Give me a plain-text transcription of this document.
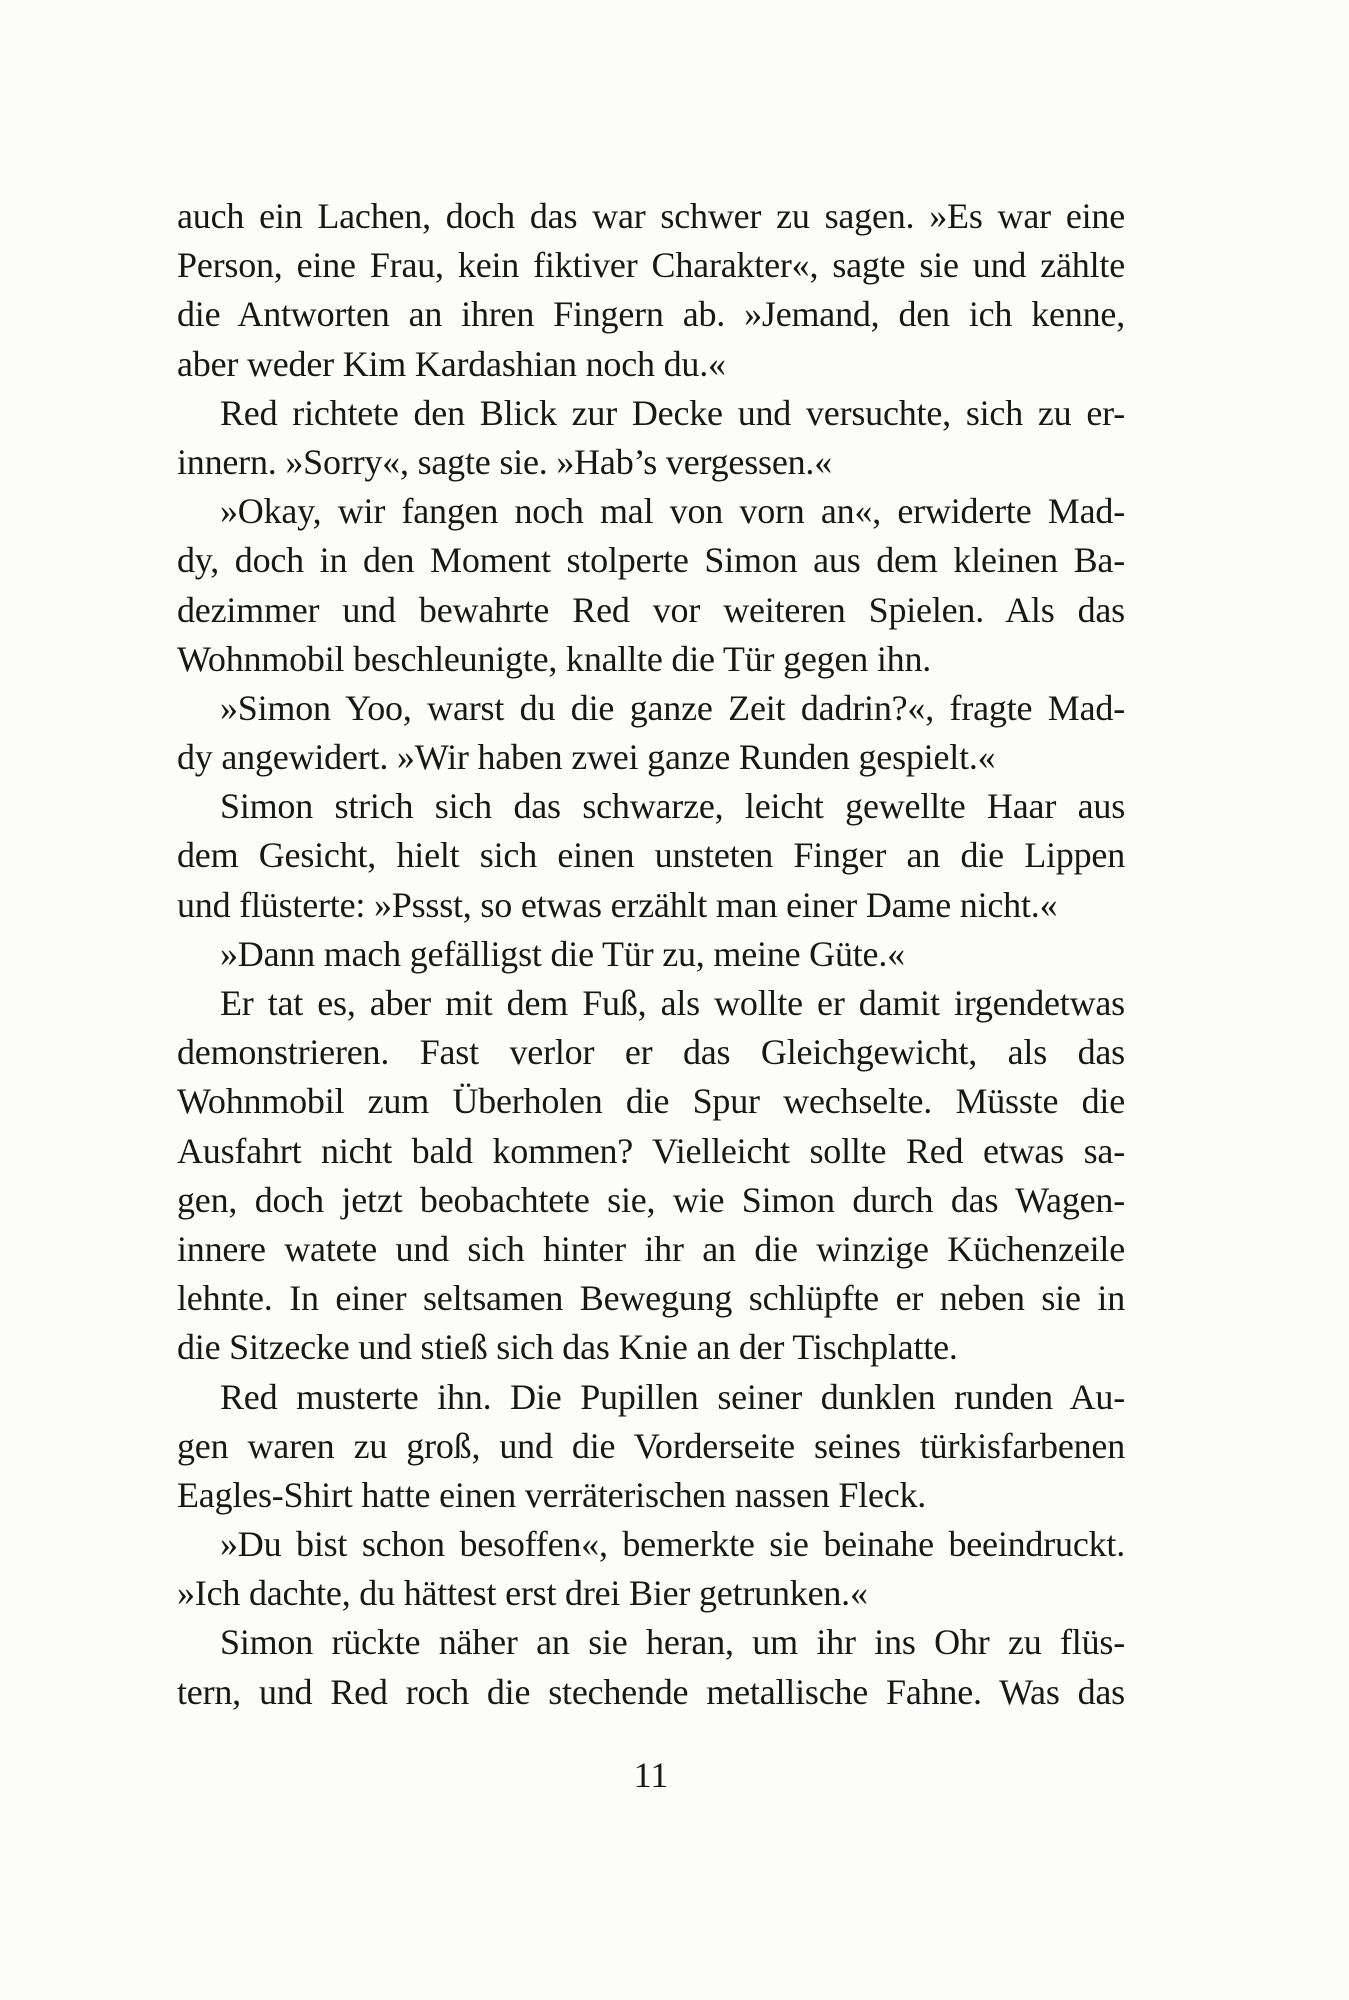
auch ein Lachen, doch das war schwer zu sagen. »Es war eine
Person, eine Frau, kein fiktiver Charakter«, sagte sie und zählte
die Antworten an ihren Fingern ab. »Jemand, den ich kenne,
aber weder Kim Kardashian noch du.«
Red richtete den Blick zur Decke und versuchte, sich zu er-
innern. »Sorry«, sagte sie. »Hab’s vergessen.«
»Okay, wir fangen noch mal von vorn an«, erwiderte Mad-
dy, doch in den Moment stolperte Simon aus dem kleinen Ba-
dezimmer und bewahrte Red vor weiteren Spielen. Als das
Wohnmobil beschleunigte, knallte die Tür gegen ihn.
»Simon Yoo, warst du die ganze Zeit dadrin?«, fragte Mad-
dy angewidert. »Wir haben zwei ganze Runden gespielt.«
Simon strich sich das schwarze, leicht gewellte Haar aus
dem Gesicht, hielt sich einen unsteten Finger an die Lippen
und flüsterte: »Pssst, so etwas erzählt man einer Dame nicht.«
»Dann mach gefälligst die Tür zu, meine Güte.«
Er tat es, aber mit dem Fuß, als wollte er damit irgendetwas
demonstrieren. Fast verlor er das Gleichgewicht, als das
Wohnmobil zum Überholen die Spur wechselte. Müsste die
Ausfahrt nicht bald kommen? Vielleicht sollte Red etwas sa-
gen, doch jetzt beobachtete sie, wie Simon durch das Wagen-
innere watete und sich hinter ihr an die winzige Küchenzeile
lehnte. In einer seltsamen Bewegung schlüpfte er neben sie in
die Sitzecke und stieß sich das Knie an der Tischplatte.
Red musterte ihn. Die Pupillen seiner dunklen runden Au-
gen waren zu groß, und die Vorderseite seines türkisfarbenen
Eagles-Shirt hatte einen verräterischen nassen Fleck.
»Du bist schon besoffen«, bemerkte sie beinahe beeindruckt.
»Ich dachte, du hättest erst drei Bier getrunken.«
Simon rückte näher an sie heran, um ihr ins Ohr zu flüs-
tern, und Red roch die stechende metallische Fahne. Was das
11
